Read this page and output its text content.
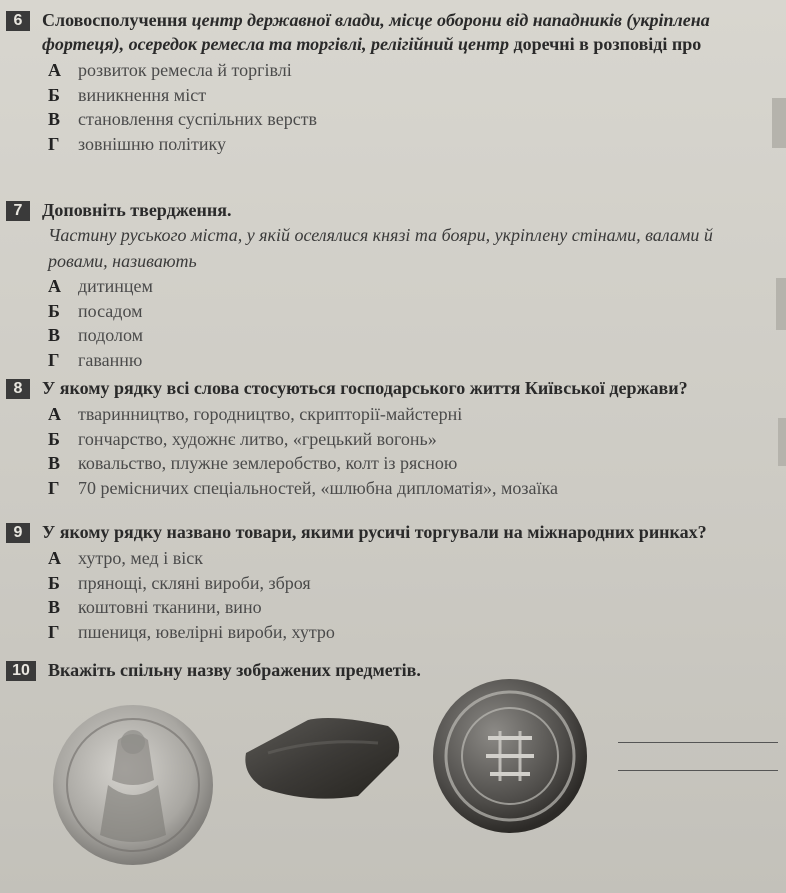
6	Словосполучення центр державної влади, місце оборони від нападників (укріплена фортеця), осередок ремесла та торгівлі, релігійний центр доречні в розповіді про
А розвиток ремесла й торгівлі
Б	виникнення міст
В становлення суспільних верств
Г	зовнішню політику
7	Доповніть твердження.
Частину руського міста, у якій оселялися князі та бояри, укріплену стінами, валами й ровами, називають
А дитинцем
Б	посадом
В подолом
Г	гаванню
8	У якому рядку всі слова стосуються господарського життя Київської держави?
А тваринництво, городництво, скрипторії-майстерні
Б	гончарство, художнє литво, «грецький вогонь»
В ковальство, плужне землеробство, колт із рясною
Г	70 ремісничих спеціальностей, «шлюбна дипломатія», мозаїка
9	У якому рядку названо товари, якими русичі торгували на міжнародних ринках?
А хутро, мед і віск
Б	прянощі, скляні вироби, зброя
В коштовні тканини, вино
Г	пшениця, ювелірні вироби, хутро
10	Вкажіть спільну назву зображених предметів.
